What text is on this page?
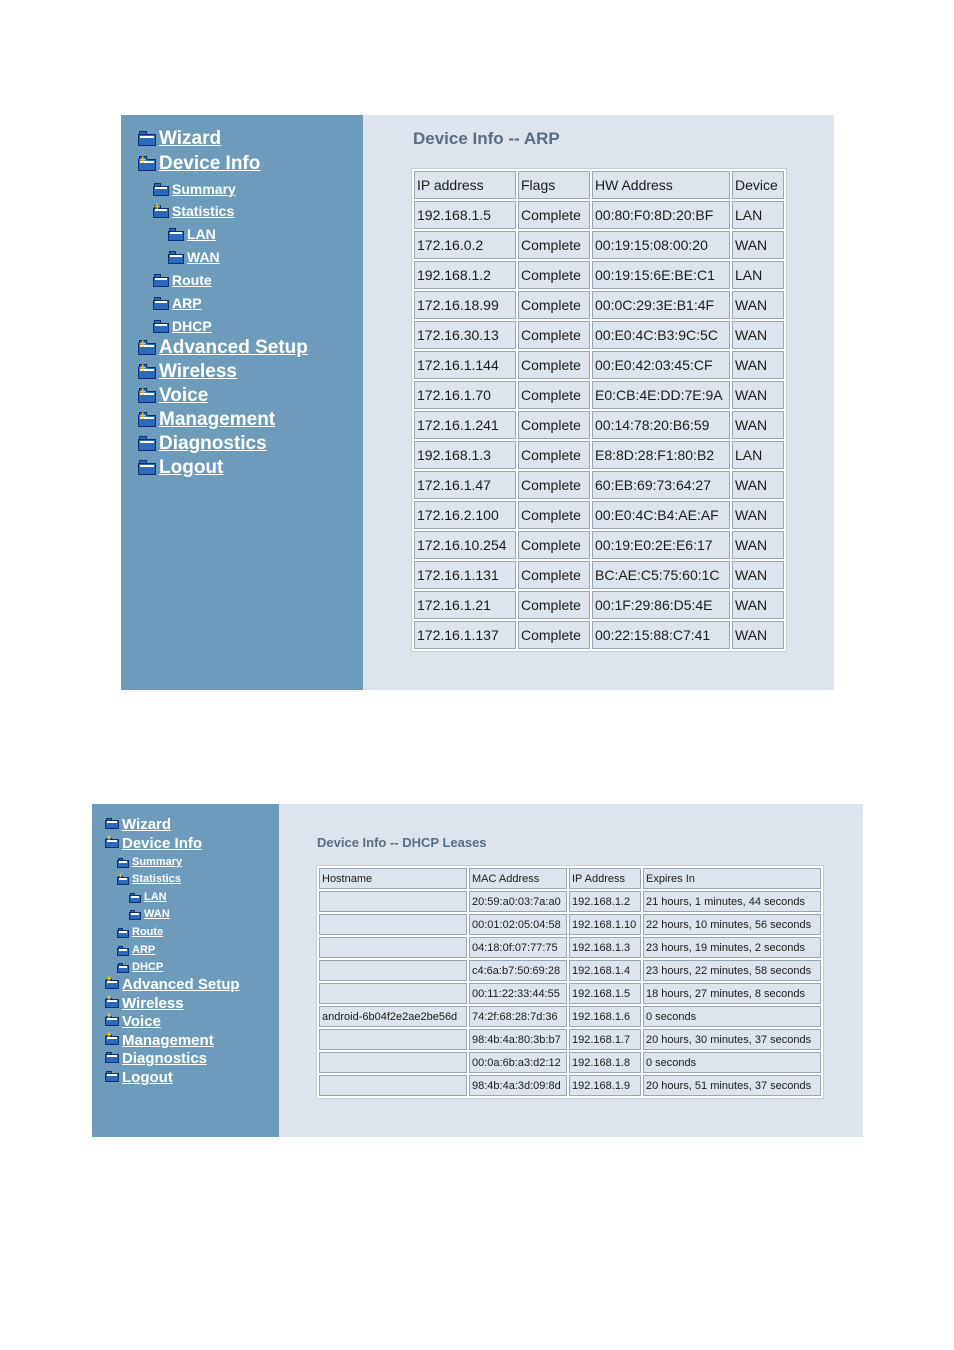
Wizard
+ Device Info
Summary
+ Statistics
LAN
WAN
Route
ARP
DHCP
+ Advanced Setup
+ Wireless
+ Voice
+ Management
Diagnostics
Logout
Device Info -- ARP
IP address	Flags	HW Address	Device
192.168.1.5	Complete	00:80:F0:8D:20:BF	LAN
172.16.0.2	Complete	00:19:15:08:00:20	WAN
192.168.1.2	Complete	00:19:15:6E:BE:C1	LAN
172.16.18.99	Complete	00:0C:29:3E:B1:4F	WAN
172.16.30.13	Complete	00:E0:4C:B3:9C:5C	WAN
172.16.1.144	Complete	00:E0:42:03:45:CF	WAN
172.16.1.70	Complete	E0:CB:4E:DD:7E:9A	WAN
172.16.1.241	Complete	00:14:78:20:B6:59	WAN
192.168.1.3	Complete	E8:8D:28:F1:80:B2	LAN
172.16.1.47	Complete	60:EB:69:73:64:27	WAN
172.16.2.100	Complete	00:E0:4C:B4:AE:AF	WAN
172.16.10.254	Complete	00:19:E0:2E:E6:17	WAN
172.16.1.131	Complete	BC:AE:C5:75:60:1C	WAN
172.16.1.21	Complete	00:1F:29:86:D5:4E	WAN
172.16.1.137	Complete	00:22:15:88:C7:41	WAN
Wizard
+ Device Info
Summary
+ Statistics
LAN
WAN
Route
ARP
DHCP
+ Advanced Setup
+ Wireless
+ Voice
+ Management
Diagnostics
Logout
Device Info -- DHCP Leases
Hostname	MAC Address	IP Address	Expires In
	20:59:a0:03:7a:a0	192.168.1.2	21 hours, 1 minutes, 44 seconds
	00:01:02:05:04:58	192.168.1.10	22 hours, 10 minutes, 56 seconds
	04:18:0f:07:77:75	192.168.1.3	23 hours, 19 minutes, 2 seconds
	c4:6a:b7:50:69:28	192.168.1.4	23 hours, 22 minutes, 58 seconds
	00:11:22:33:44:55	192.168.1.5	18 hours, 27 minutes, 8 seconds
android-6b04f2e2ae2be56d	74:2f:68:28:7d:36	192.168.1.6	0 seconds
	98:4b:4a:80:3b:b7	192.168.1.7	20 hours, 30 minutes, 37 seconds
	00:0a:6b:a3:d2:12	192.168.1.8	0 seconds
	98:4b:4a:3d:09:8d	192.168.1.9	20 hours, 51 minutes, 37 seconds
